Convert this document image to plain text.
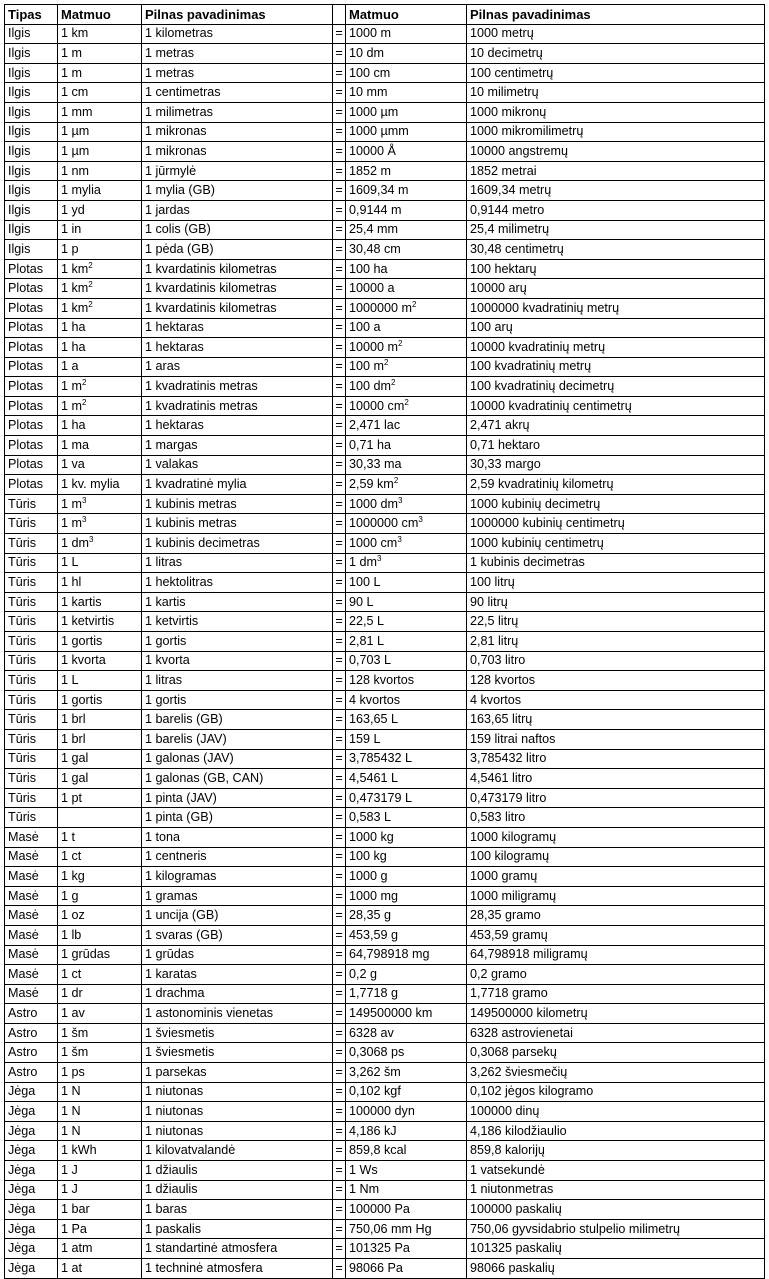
Tipas	Matmuo	Pilnas pavadinimas		Matmuo	Pilnas pavadinimas
Ilgis	1 km	1 kilometras	=	1000 m	1000 metrų
Ilgis	1 m	1 metras	=	10 dm	10 decimetrų
Ilgis	1 m	1 metras	=	100 cm	100 centimetrų
Ilgis	1 cm	1 centimetras	=	10 mm	10 milimetrų
Ilgis	1 mm	1 milimetras	=	1000 µm	1000 mikronų
Ilgis	1 µm	1 mikronas	=	1000 µmm	1000 mikromilimetrų
Ilgis	1 µm	1 mikronas	=	10000 Å	10000 angstremų
Ilgis	1 nm	1 jūrmylė	=	1852 m	1852 metrai
Ilgis	1 mylia	1 mylia (GB)	=	1609,34 m	1609,34 metrų
Ilgis	1 yd	1 jardas	=	0,9144 m	0,9144 metro
Ilgis	1 in	1 colis (GB)	=	25,4 mm	25,4 milimetrų
Ilgis	1 p	1 pėda (GB)	=	30,48 cm	30,48 centimetrų
Plotas	1 $km^2$	1 kvardatinis kilometras	=	100 ha	100 hektarų
Plotas	1 $km^2$	1 kvardatinis kilometras	=	10000 a	10000 arų
Plotas	1 $km^2$	1 kvardatinis kilometras	=	1000000 $m^2$	1000000 kvadratinių metrų
Plotas	1 ha	1 hektaras	=	100 a	100 arų
Plotas	1 ha	1 hektaras	=	10000 $m^2$	10000 kvadratinių metrų
Plotas	1 a	1 aras	=	100 $m^2$	100 kvadratinių metrų
Plotas	1 $m^2$	1 kvadratinis metras	=	100 $dm^2$	100 kvadratinių decimetrų
Plotas	1 $m^2$	1 kvadratinis metras	=	10000 $cm^2$	10000 kvadratinių centimetrų
Plotas	1 ha	1 hektaras	=	2,471 lac	2,471 akrų
Plotas	1 ma	1 margas	=	0,71 ha	0,71 hektaro
Plotas	1 va	1 valakas	=	30,33 ma	30,33 margo
Plotas	1 kv. mylia	1 kvadratinė mylia	=	2,59 $km^2$	2,59 kvadratinių kilometrų
Tūris	1 $m^3$	1 kubinis metras	=	1000 $dm^3$	1000 kubinių decimetrų
Tūris	1 $m^3$	1 kubinis metras	=	1000000 $cm^3$	1000000 kubinių centimetrų
Tūris	1 $dm^3$	1 kubinis decimetras	=	1000 $cm^3$	1000 kubinių centimetrų
Tūris	1 L	1 litras	=	1 $dm^3$	1 kubinis decimetras
Tūris	1 hl	1 hektolitras	=	100 L	100 litrų
Tūris	1 kartis	1 kartis	=	90 L	90 litrų
Tūris	1 ketvirtis	1 ketvirtis	=	22,5 L	22,5 litrų
Tūris	1 gortis	1 gortis	=	2,81 L	2,81 litrų
Tūris	1 kvorta	1 kvorta	=	0,703 L	0,703 litro
Tūris	1 L	1 litras	=	128 kvortos	128 kvortos
Tūris	1 gortis	1 gortis	=	4 kvortos	4 kvortos
Tūris	1 brl	1 barelis (GB)	=	163,65 L	163,65 litrų
Tūris	1 brl	1 barelis (JAV)	=	159 L	159 litrai naftos
Tūris	1 gal	1 galonas (JAV)	=	3,785432 L	3,785432 litro
Tūris	1 gal	1 galonas (GB, CAN)	=	4,5461 L	4,5461 litro
Tūris	1 pt	1 pinta (JAV)	=	0,473179 L	0,473179 litro
Tūris		1 pinta (GB)	=	0,583 L	0,583 litro
Masė	1 t	1 tona	=	1000 kg	1000 kilogramų
Masė	1 ct	1 centneris	=	100 kg	100 kilogramų
Masė	1 kg	1 kilogramas	=	1000 g	1000 gramų
Masė	1 g	1 gramas	=	1000 mg	1000 miligramų
Masė	1 oz	1 uncija (GB)	=	28,35 g	28,35 gramo
Masė	1 lb	1 svaras (GB)	=	453,59 g	453,59 gramų
Masė	1 grūdas	1 grūdas	=	64,798918 mg	64,798918 miligramų
Masė	1 ct	1 karatas	=	0,2 g	0,2 gramo
Masė	1 dr	1 drachma	=	1,7718 g	1,7718 gramo
Astro	1 av	1 astonominis vienetas	=	149500000 km	149500000 kilometrų
Astro	1 šm	1 šviesmetis	=	6328 av	6328 astrovienetai
Astro	1 šm	1 šviesmetis	=	0,3068 ps	0,3068 parsekų
Astro	1 ps	1 parsekas	=	3,262 šm	3,262 šviesmečių
Jėga	1 N	1 niutonas	=	0,102 kgf	0,102 jėgos kilogramo
Jėga	1 N	1 niutonas	=	100000 dyn	100000 dinų
Jėga	1 N	1 niutonas	=	4,186 kJ	4,186 kilodžiaulio
Jėga	1 kWh	1 kilovatvalandė	=	859,8 kcal	859,8 kalorijų
Jėga	1 J	1 džiaulis	=	1 Ws	1 vatsekundė
Jėga	1 J	1 džiaulis	=	1 Nm	1 niutonmetras
Jėga	1 bar	1 baras	=	100000 Pa	100000 paskalių
Jėga	1 Pa	1 paskalis	=	750,06 mm Hg	750,06 gyvsidabrio stulpelio milimetrų
Jėga	1 atm	1 standartinė atmosfera	=	101325 Pa	101325 paskalių
Jėga	1 at	1 techninė atmosfera	=	98066 Pa	98066 paskalių
